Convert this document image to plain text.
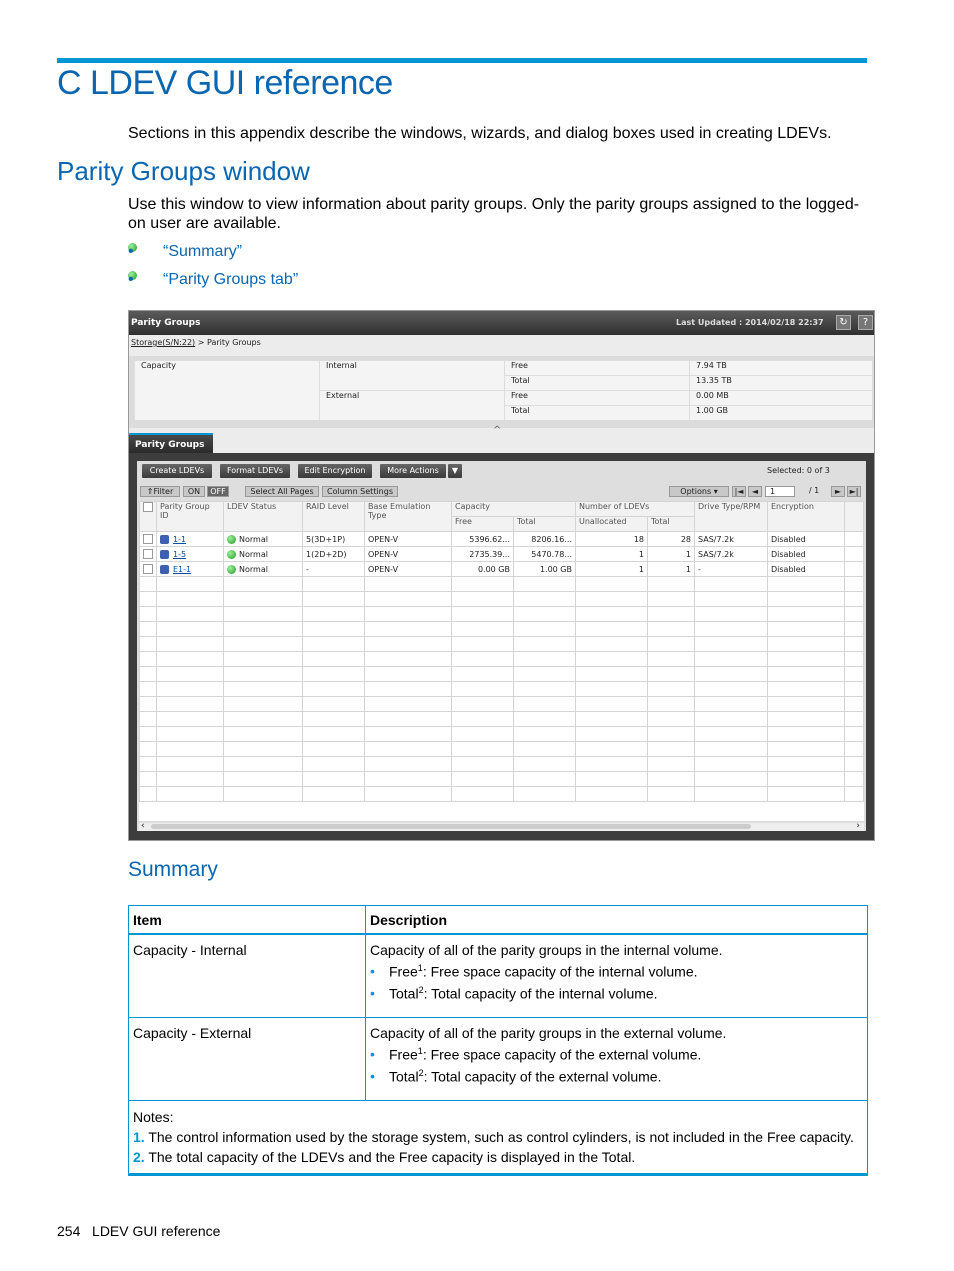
C LDEV GUI reference

Sections in this appendix describe the windows, wizards, and dialog boxes used in creating LDEVs.

Parity Groups window

Use this window to view information about parity groups. Only the parity groups assigned to the logged-on user are available.

• “Summary”
• “Parity Groups tab”
Parity Groups	Last Updated : 2014/02/18 22:37	↻	?
Storage(S/N:22) > Parity Groups
Capacity	Internal	Free	7.94 TB
		Total	13.35 TB
	External	Free	0.00 MB
		Total	1.00 GB
^
Parity Groups
Create LDEVs	Format LDEVs	Edit Encryption	More Actions	▼	Selected: 0 of 3
⇑Filter	ON	OFF	Select All Pages	Column Settings	Options ▾	|◄	◄	1	/ 1	►	►|
	Parity Group ID	LDEV Status	RAID Level	Base Emulation Type	Capacity		Number of LDEVs		Drive Type/RPM	Encryption	
					Free	Total	Unallocated	Total			
	1-1	Normal	5(3D+1P)	OPEN-V	5396.62...	8206.16...	18	28	SAS/7.2k	Disabled	
	1-5	Normal	1(2D+2D)	OPEN-V	2735.39...	5470.78...	1	1	SAS/7.2k	Disabled	
	E1-1	Normal	-	OPEN-V	0.00 GB	1.00 GB	1	1	-	Disabled	

‹	›
Summary
Item	Description
Capacity - Internal	Capacity of all of the parity groups in the internal volume.
• Free$^1$: Free space capacity of the internal volume.
• Total$^2$: Total capacity of the internal volume.

Capacity - External	Capacity of all of the parity groups in the external volume.
• Free$^1$: Free space capacity of the external volume.
• Total$^2$: Total capacity of the external volume.

Notes:
1. The control information used by the storage system, such as control cylinders, is not included in the Free capacity.
2. The total capacity of the LDEVs and the Free capacity is displayed in the Total.	
254 LDEV GUI reference
